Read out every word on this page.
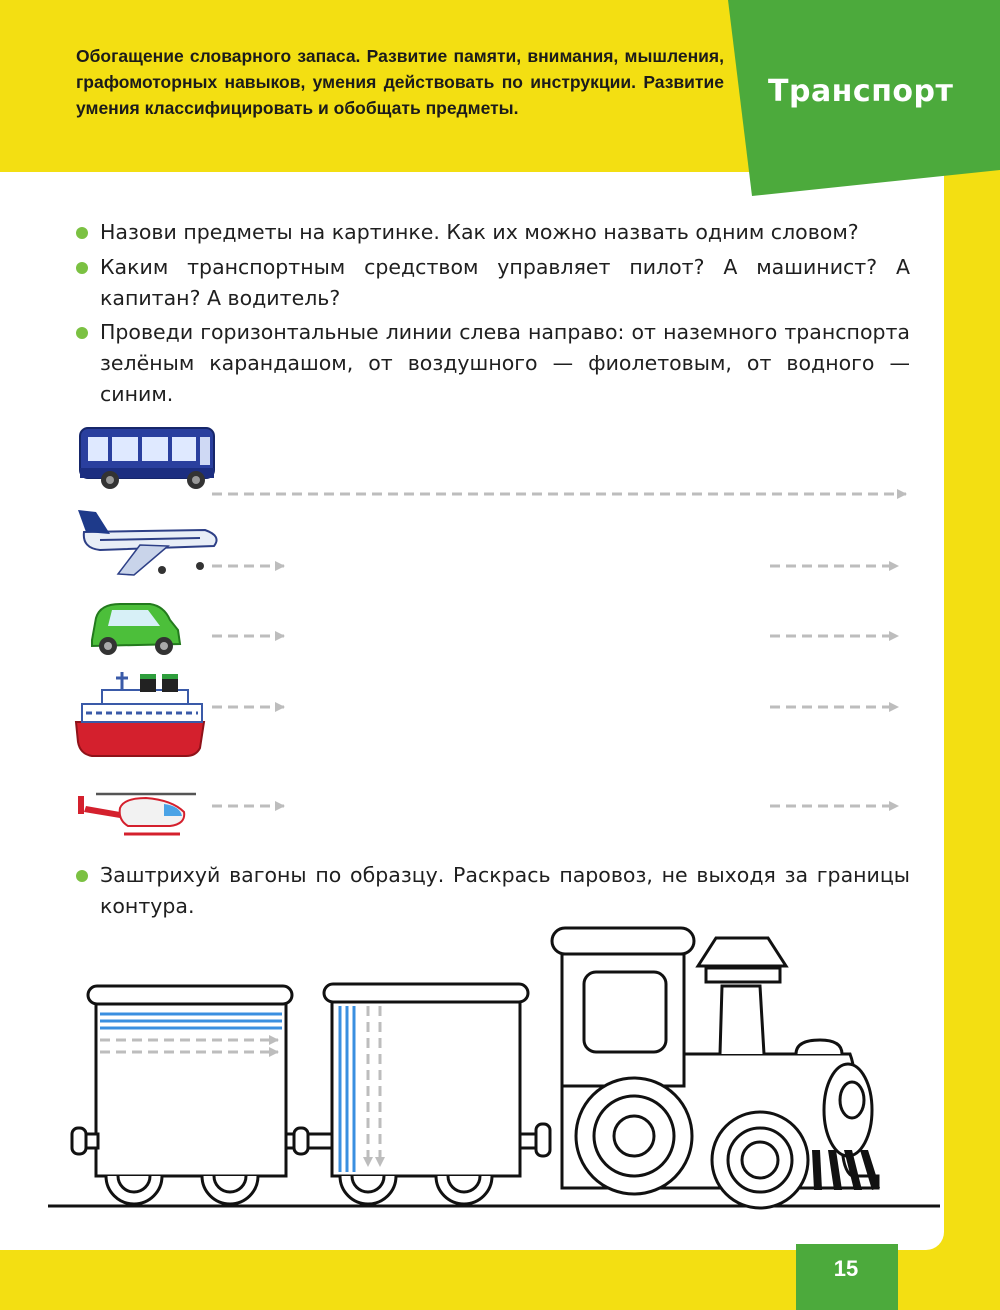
Обогащение словарного запаса. Развитие памяти, внимания, мышления, графомоторных навыков, умения действовать по инструкции. Развитие умения классифицировать и обобщать предметы.	Транспорт
Назови предметы на картинке. Как их можно назвать одним словом?
Каким транспортным средством управляет пилот? А машинист? А капитан? А водитель?
Проведи горизонтальные линии слева направо: от наземного транспорта зелёным карандашом, от воздушного — фиолетовым, от водного — синим.
Заштрихуй вагоны по образцу. Раскрась паровоз, не выходя за границы контура.
15
